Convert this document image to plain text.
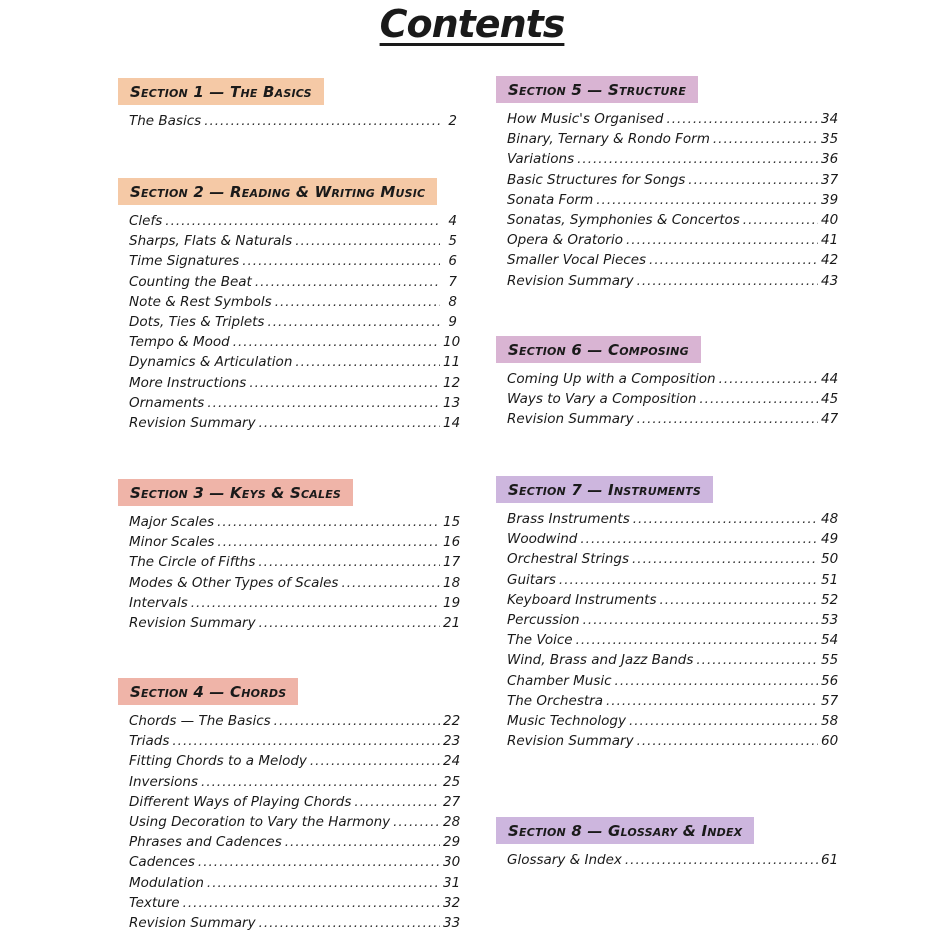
Contents
Section 1 — The Basics
The Basics .....	2
Section 2 — Reading & Writing Music
Clefs .....	4
Sharps, Flats & Naturals .....	5
Time Signatures .....	6
Counting the Beat .....	7
Note & Rest Symbols .....	8
Dots, Ties & Triplets .....	9
Tempo & Mood .....	10
Dynamics & Articulation .....	11
More Instructions .....	12
Ornaments .....	13
Revision Summary .....	14
Section 3 — Keys & Scales
Major Scales .....	15
Minor Scales .....	16
The Circle of Fifths .....	17
Modes & Other Types of Scales .....	18
Intervals .....	19
Revision Summary .....	21
Section 4 — Chords
Chords — The Basics .....	22
Triads .....	23
Fitting Chords to a Melody .....	24
Inversions .....	25
Different Ways of Playing Chords .....	27
Using Decoration to Vary the Harmony .....	28
Phrases and Cadences .....	29
Cadences .....	30
Modulation .....	31
Texture .....	32
Revision Summary .....	33
Section 5 — Structure
How Music's Organised .....	34
Binary, Ternary & Rondo Form .....	35
Variations .....	36
Basic Structures for Songs .....	37
Sonata Form .....	39
Sonatas, Symphonies & Concertos .....	40
Opera & Oratorio .....	41
Smaller Vocal Pieces .....	42
Revision Summary .....	43
Section 6 — Composing
Coming Up with a Composition .....	44
Ways to Vary a Composition .....	45
Revision Summary .....	47
Section 7 — Instruments
Brass Instruments .....	48
Woodwind .....	49
Orchestral Strings .....	50
Guitars .....	51
Keyboard Instruments .....	52
Percussion .....	53
The Voice .....	54
Wind, Brass and Jazz Bands .....	55
Chamber Music .....	56
The Orchestra .....	57
Music Technology .....	58
Revision Summary .....	60
Section 8 — Glossary & Index
Glossary & Index .....	61
